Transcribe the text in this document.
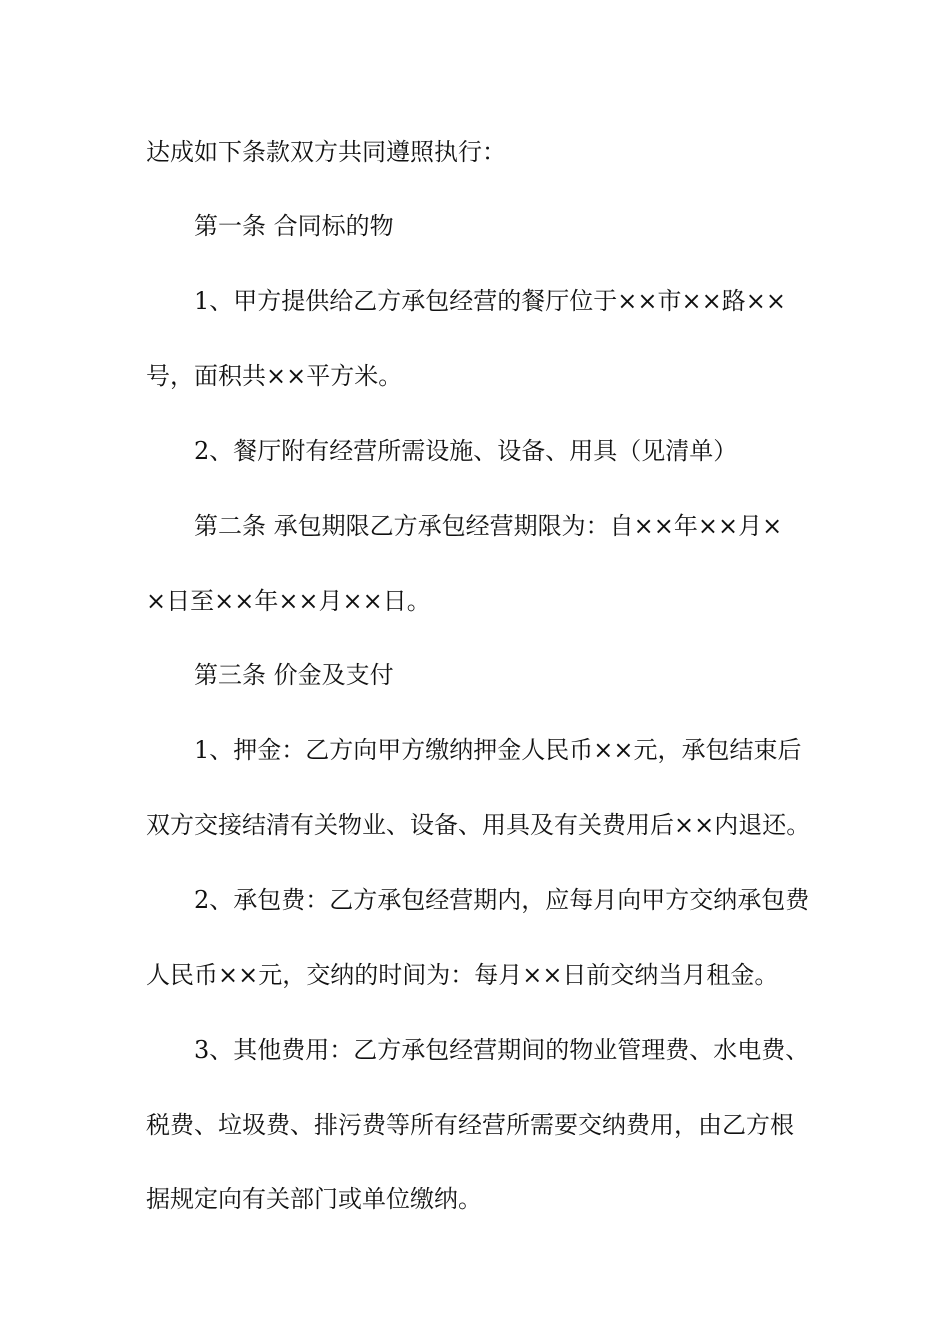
达成如下条款双方共同遵照执行：

第一条 合同标的物

1、甲方提供给乙方承包经营的餐厅位于××市××路××

号，面积共××平方米。

2、餐厅附有经营所需设施、设备、用具（见清单）

第二条 承包期限乙方承包经营期限为：自××年××月×

×日至××年××月××日。

第三条 价金及支付

1、押金：乙方向甲方缴纳押金人民币××元，承包结束后

双方交接结清有关物业、设备、用具及有关费用后××内退还。

2、承包费：乙方承包经营期内，应每月向甲方交纳承包费

人民币××元，交纳的时间为：每月××日前交纳当月租金。

3、其他费用：乙方承包经营期间的物业管理费、水电费、

税费、垃圾费、排污费等所有经营所需要交纳费用，由乙方根

据规定向有关部门或单位缴纳。
